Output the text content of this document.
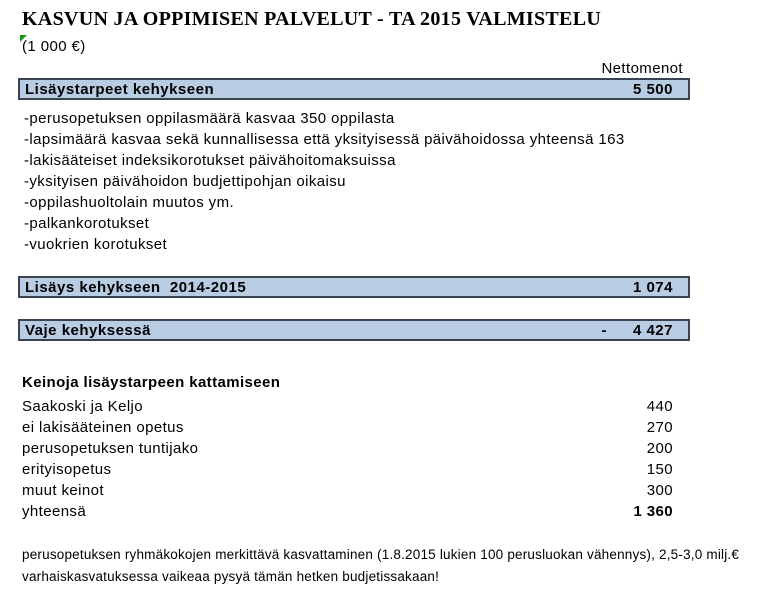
KASVUN JA OPPIMISEN PALVELUT - TA 2015 VALMISTELU
(1 000 €)
Nettomenot
Lisäystarpeet kehykseen	5 500
-perusopetuksen oppilasmäärä kasvaa 350 oppilasta
-lapsimäärä kasvaa sekä kunnallisessa että yksityisessä päivähoidossa yhteensä 163
-lakisääteiset indeksikorotukset päivähoitomaksuissa
-yksityisen päivähoidon budjettipohjan oikaisu
-oppilashuoltolain muutos ym.
-palkankorotukset
-vuokrien korotukset
Lisäys kehykseen  2014-2015	1 074
Vaje kehyksessä	- 4 427
Keinoja lisäystarpeen kattamiseen
Saakoski ja Keljo	440
ei lakisääteinen opetus	270
perusopetuksen tuntijako	200
erityisopetus	150
muut keinot	300
yhteensä	1 360
perusopetuksen ryhmäkokojen merkittävä kasvattaminen (1.8.2015 lukien 100 perusluokan vähennys), 2,5-3,0 milj.€
varhaiskasvatuksessa vaikeaa pysyä tämän hetken budjetissakaan!
